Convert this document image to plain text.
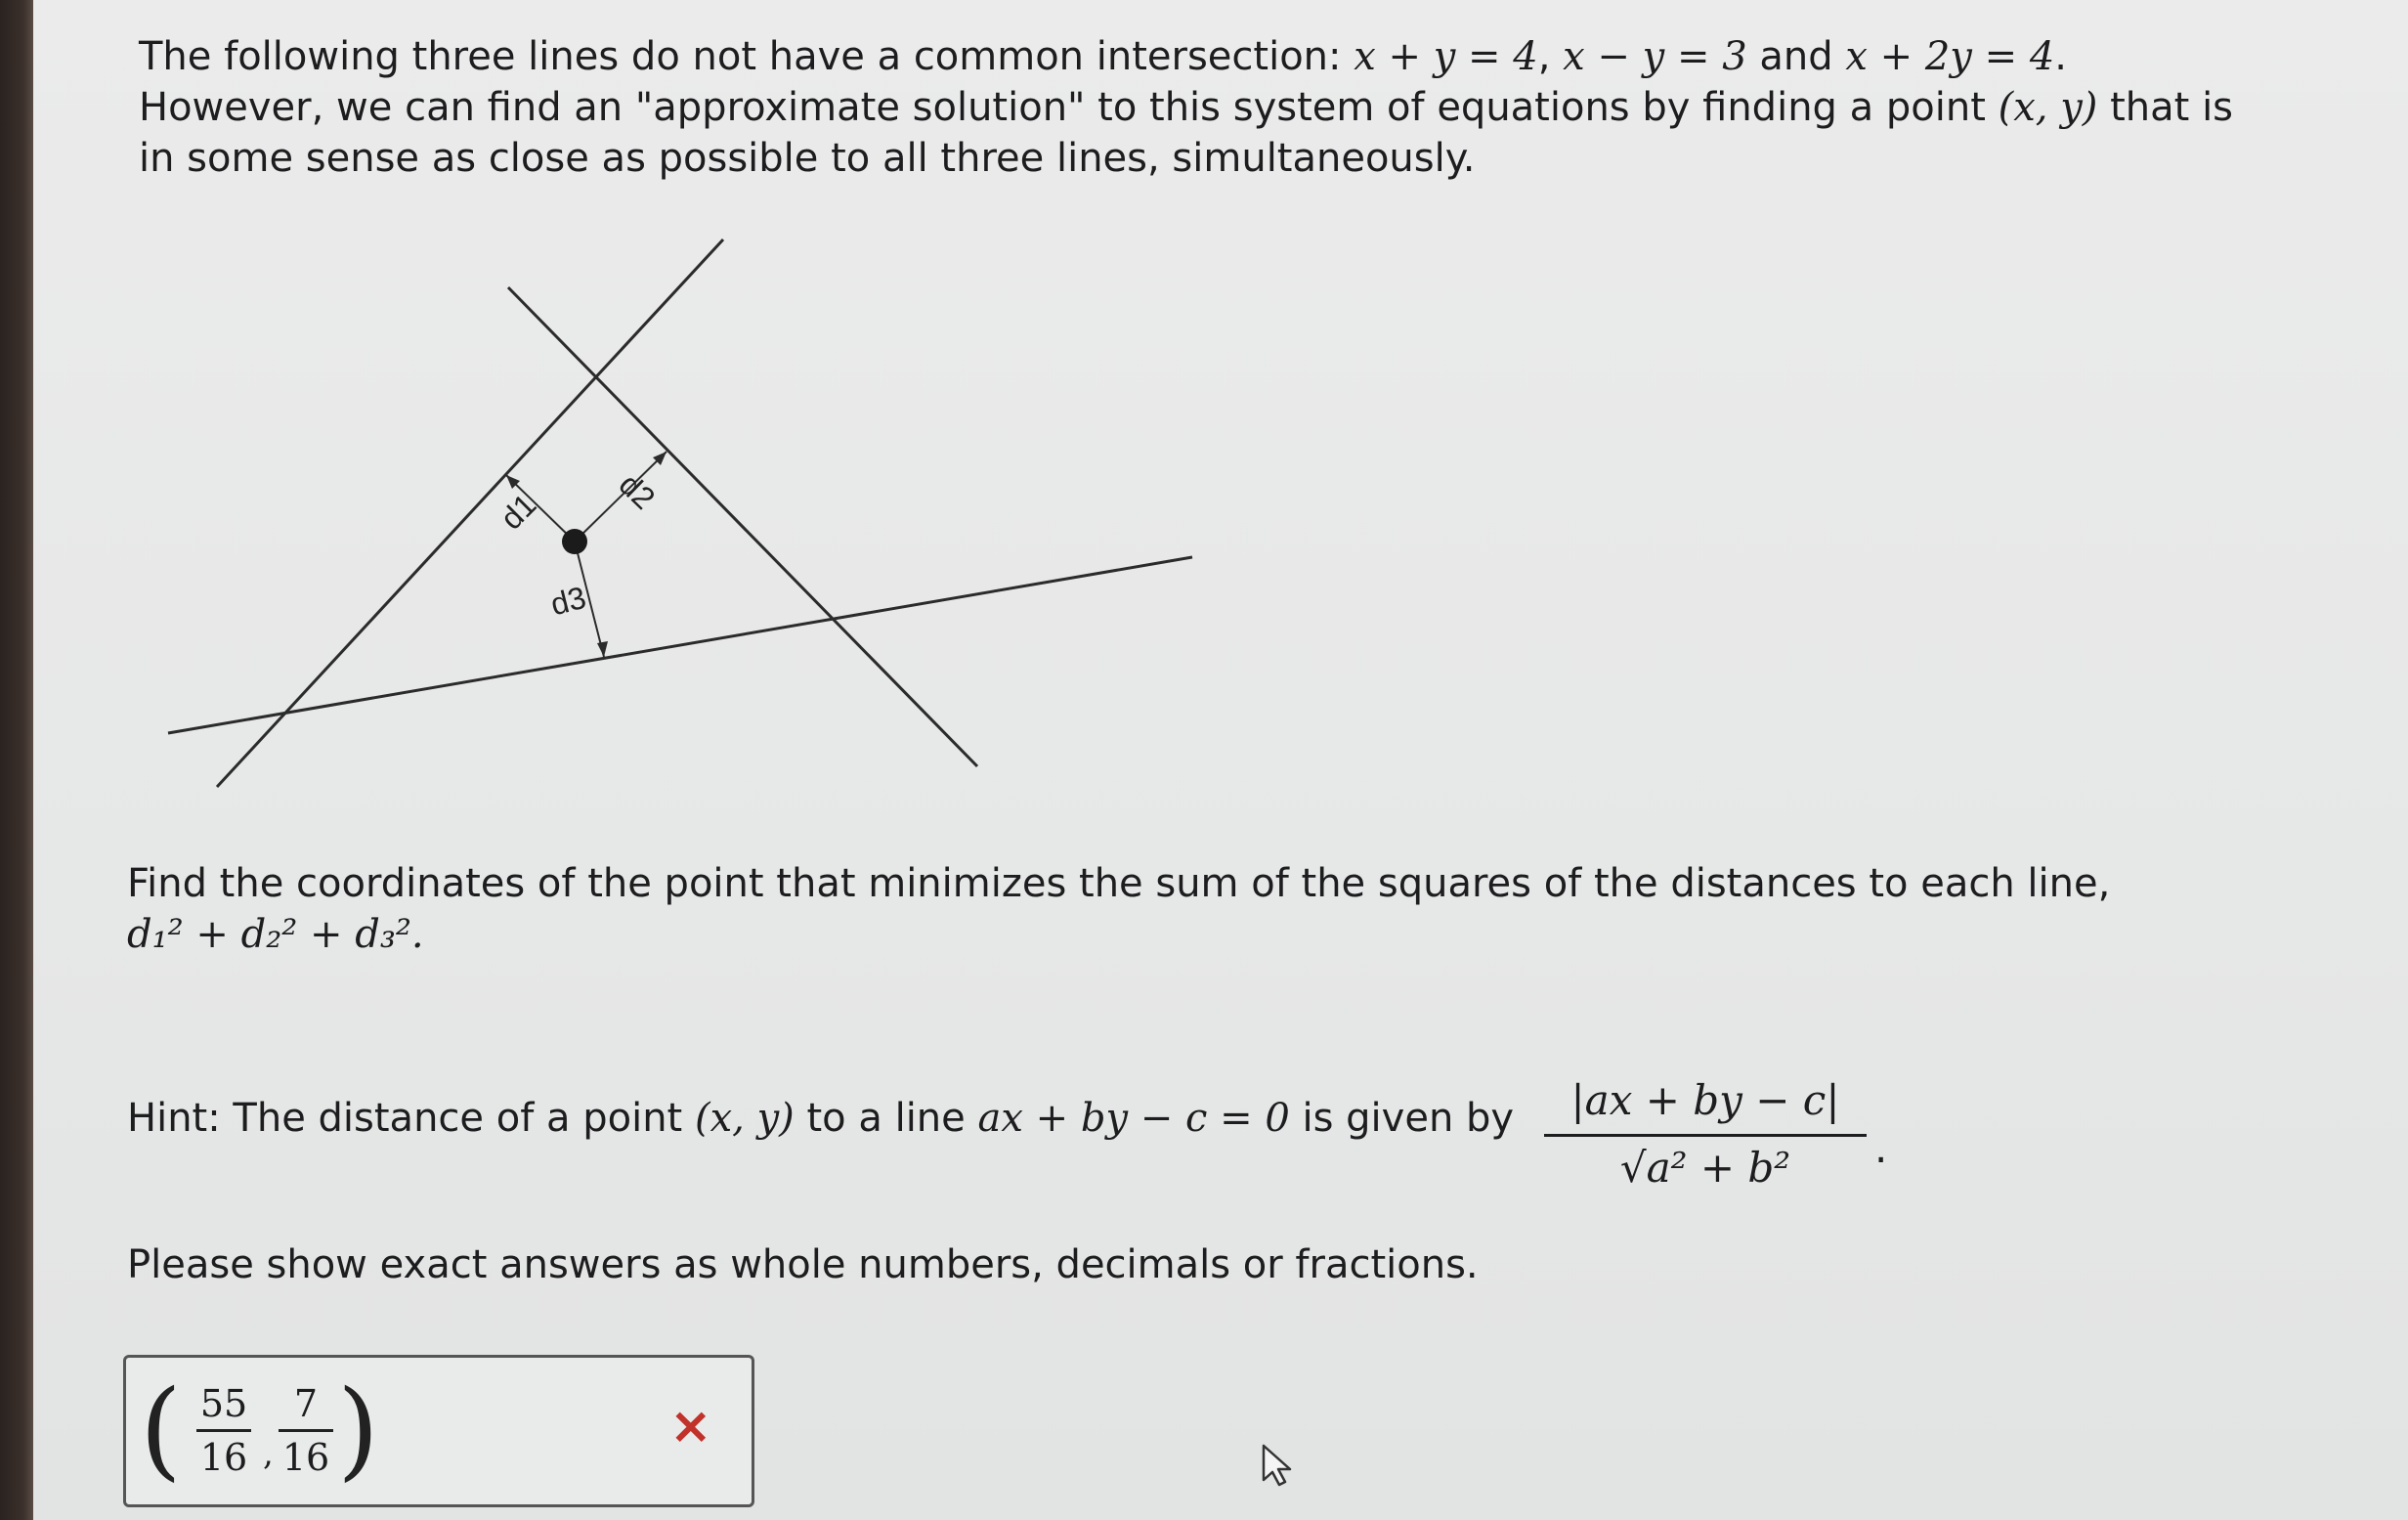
The following three lines do not have a common intersection: x + y = 4, x − y = 3 and x + 2y = 4. However, we can find an "approximate solution" to this system of equations by finding a point (x, y) that is in some sense as close as possible to all three lines, simultaneously.

d1 d2
d3

Find the coordinates of the point that minimizes the sum of the squares of the distances to each line,
d₁² + d₂² + d₃².

Hint: The distance of a point (x, y) to a line ax + by − c = 0 is given by $\frac{|ax + by - c|}{\text{√a² + b²}}$ .

Please show exact answers as whole numbers, decimals or fractions.

( $\frac{55}{16}$ , $\frac{7}{16}$ )	×
